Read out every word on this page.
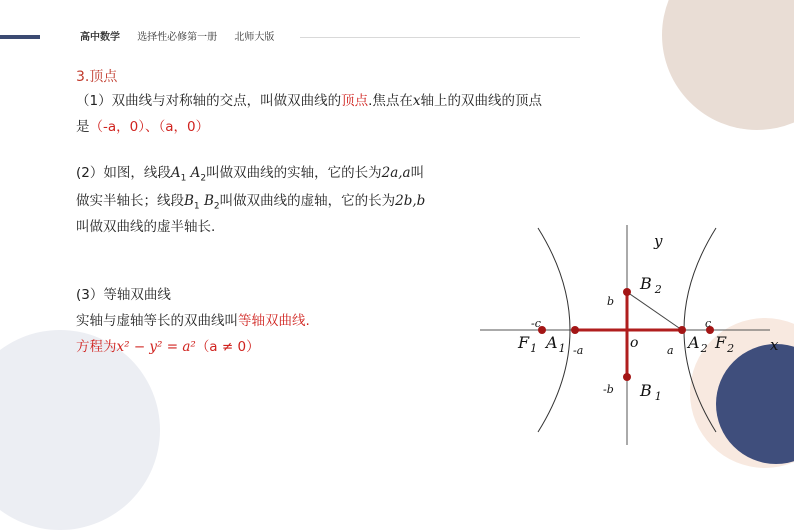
高中数学 选择性必修第一册 北师大版
3.顶点
（1）双曲线与对称轴的交点，叫做双曲线的顶点.焦点在x轴上的双曲线的顶点
是（-a，0）、（a，0）
(2）如图，线段$A_1$ $A_2$叫做双曲线的实轴，它的长为2a,a叫
做实半轴长；线段$B_1$ $B_2$叫做双曲线的虚轴，它的长为2b,b
叫做双曲线的虚半轴长.
(3）等轴双曲线
实轴与虚轴等长的双曲线叫等轴双曲线.
方程为x² − y² = a²（a ≠ 0）
y
x
o
B $_2$
B $_1$
$A_1$	$A_2$
$F_1$	$F_2$
b
-b
a
-a
c
-c
